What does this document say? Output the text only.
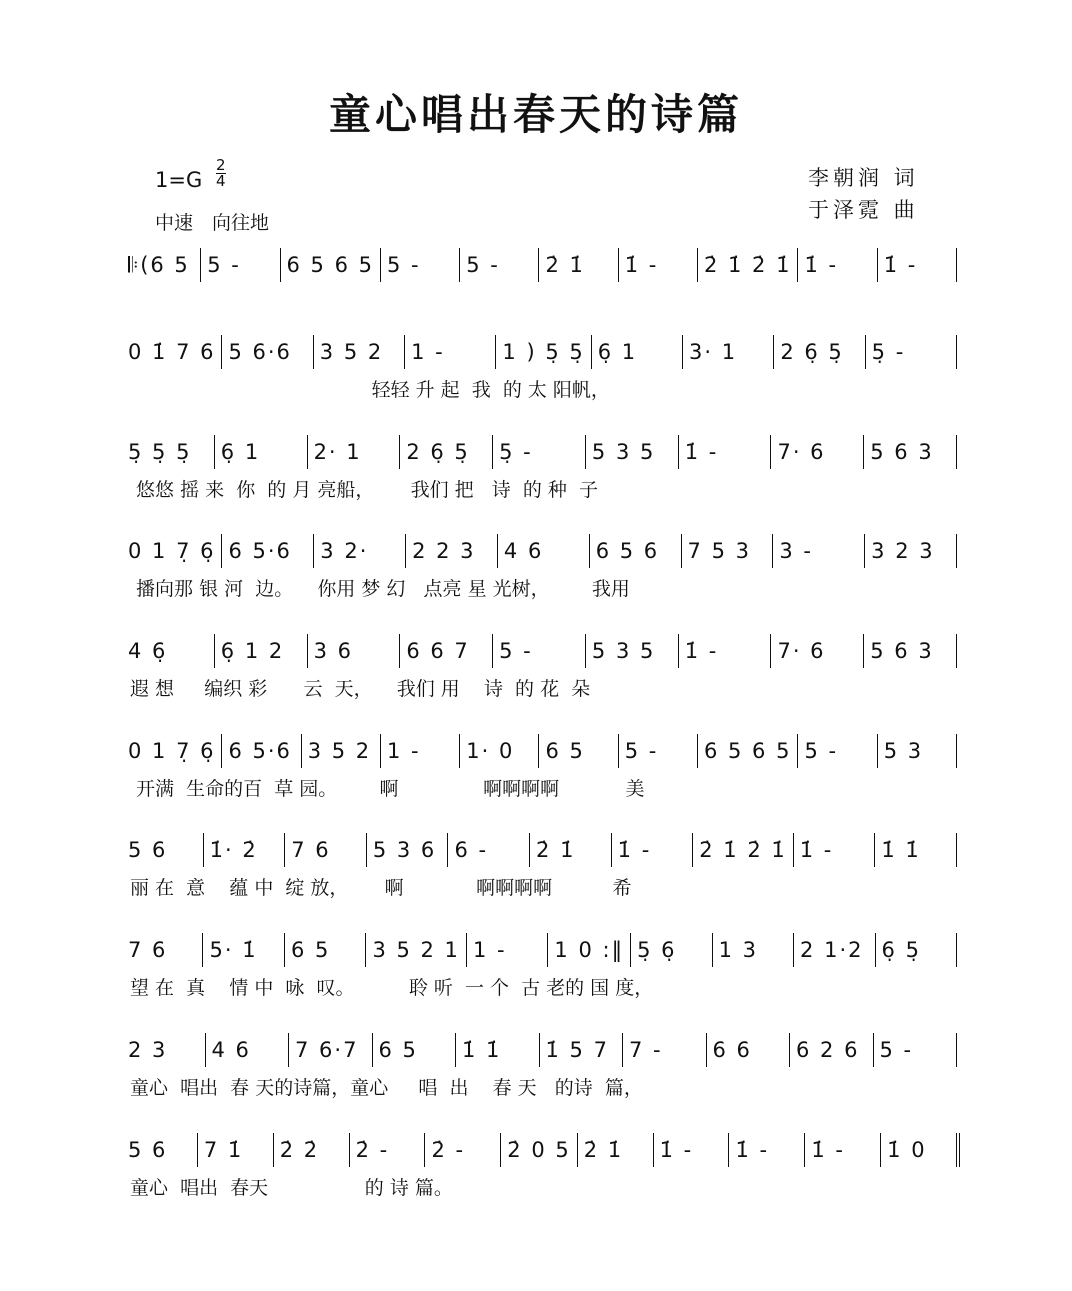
童心唱出春天的诗篇
1=G
2
4
中速　向往地
李朝润 词
于泽霓 曲
𝄆(6 5 5 -	6 5 6 5 5 -	5 -	2̇ 1̇	1̇ -	2̇ 1̇ 2̇ 1̇ 1̇ -	1̇ -
0 1̇ 7 6 5 6·6	3 5 2	1 -	1 ) 5̣ 5̣ 6̣ 1	3· 1	2 6̣ 5̣	5̣ -
轻轻 升 起  我  的 太 阳帆，
5̣ 5̣ 5̣	6̣ 1	2· 1	2 6̣ 5̣	5̣ -	5 3 5	1̇ -	7· 6	5 6 3
悠悠 摇 来  你  的 月 亮船，      我们 把   诗  的 种  子
0 1 7̣ 6̣ 6 5·6	3 2·	2 2 3	4 6	6 5 6	7 5 3	3 -	3 2 3
播向那 银 河  边。    你用 梦 幻   点亮 星 光树，       我用
4 6̣	6̣ 1 2	3 6	6 6 7	5 -	5 3 5	1̇ -	7· 6	5 6 3
遐 想     编织 彩      云  天，    我们 用    诗  的 花  朵
0 1 7̣ 6̣ 6 5·6 3 5 2 1 -	1· 0	6 5	5 -	6 5 6 5 5 -	5 3
开满  生命的百  草 园。       啊              啊啊啊啊           美
5 6	1̇· 2̇	7 6	5 3 6 6 -	2̇ 1̇	1̇ -	2̇ 1̇ 2̇ 1̇ 1̇ -	1̇ 1̇
丽 在  意    蕴 中  绽 放，      啊            啊啊啊啊          希
7 6	5· 1̇	6 5	3 5 2 1 1 -	1 0 :‖ 5̣ 6̣	1 3	2 1·2 6̣ 5̣
望 在  真    情 中  咏  叹。         聆 听  一 个  古 老的 国 度，
2 3	4 6	7 6·7 6 5	1̇ 1̇	1̇ 5 7 7 -	6 6	6 2 6 5 -
童心  唱出  春 天的诗篇，童心     唱  出    春 天   的诗  篇，
5 6	7 1̇	2̇ 2̇	2̇ -	2̇ -	2̇ 0 5 2̇ 1̇	1̇ -	1̇ -	1̇ -	1̇ 0
童心  唱出  春天                的 诗 篇。
